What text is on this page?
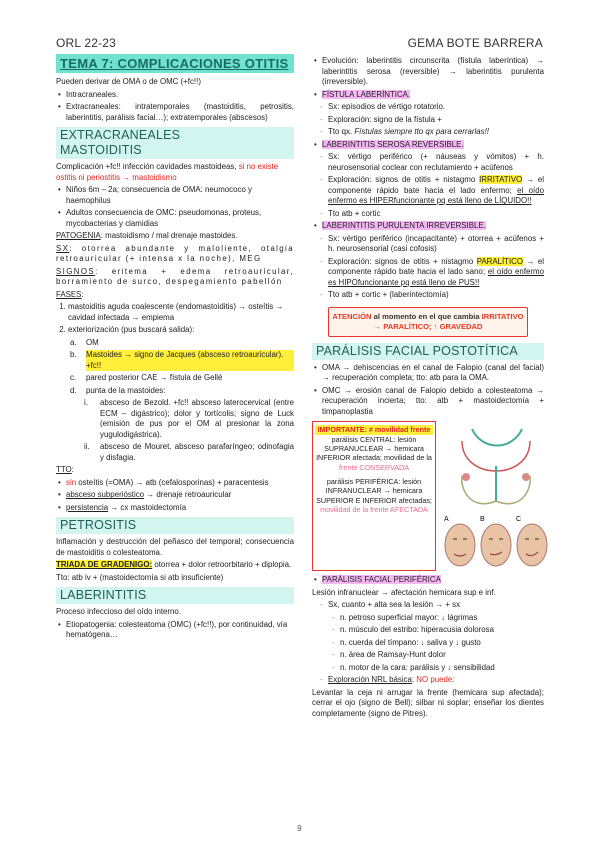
ORL 22-23	GEMA BOTE BARRERA
TEMA 7: COMPLICACIONES OTITIS

Pueden derivar de OMA o de OMC (+fc!!)

• Intracraneales.
• Extracraneales: intratemporales (mastoiditis, petrositis, laberintitis, parálisis facial…); extratemporales (abscesos)
EXTRACRANEALES
MASTOIDITIS

Complicación +fc!! infección cavidades mastoideas, si no existe ostitis ni periostitis → mastoidismo

• Niños 6m – 2a; consecuencia de OMA: neumococo y haemophilus
• Adultos consecuencia de OMC: pseudomonas, proteus, mycobacterias y clamidias

PATOGENIA: mastoidismo / mal drenaje mastoides.

SX: otorrea abundante y maloliente, otalgia retroauricular (+ intensa x la noche), MEG

SIGNOS: eritema + edema retroauricular, borramiento de surco, despegamiento pabellón

FASES:

1. mastoiditis aguda coalescente (endomastoiditis) → osteítis → cavidad infectada → empiema
2. exteriorización (pus buscará salida):
a.	OM
b.	Mastoides → signo de Jacques (absceso retroauricular). +fc!!
c.	pared posterior CAE → fístula de Gellé
d.	punta de la mastoides:
i.	absceso de Bezold. +fc!! absceso laterocervical (entre ECM – digástrico); dolor y tortícolis; signo de Luck (emisión de pus por el OM al presionar la zona yugulodigástrica).
ii.	absceso de Mouret. absceso parafaríngeo; odinofagia y disfagia.

TTO:

• sin osteítis (=OMA) → atb (cefalosporinas) + paracentesis
• absceso subperióstico → drenaje retroauricular
• persistencia → cx mastoidectomía
PETROSITIS

Inflamación y destrucción del peñasco del temporal; consecuencia de mastoiditis o colesteatoma.

TRIADA DE GRADENIGO: otorrea + dolor retroorbitario + diplopia.

Tto: atb iv + (mastoidectomía si atb insuficiente)

LABERINTITIS

Proceso infeccioso del oído interno.

• Etiopatogenia: colesteatoma (OMC) (+fc!!), por continuidad, vía hematógena…
• Evolución: laberintitis circunscrita (fístula laberíntica) → laberintitis serosa (reversible) → laberintitis purulenta (irreversible).
• FÍSTULA LABERÍNTICA.
- Sx: episodios de vértigo rotatorio.
- Exploración: signo de la fístula +
- Tto qx. Fístulas siempre tto qx para cerrarlas!!
• LABERINTITIS SEROSA REVERSIBLE.
- Sx: vértigo periférico (+ náuseas y vómitos) + h. neurosensorial coclear con reclutamiento + acúfenos
- Exploración: signos de otitis + nistagmo IRRITATIVO → el componente rápido bate hacia el lado enfermo; el oído enfermo es HIPERfuncionante pq está lleno de LÍQUIDO!!
- Tto atb + cortic
• LABERINTITIS PURULENTA IRREVERSIBLE.
- Sx: vértigo periférico (incapacitante) + otorrea + acúfenos + h. neurosensorial (casi cofosis)
- Exploración: signos de otitis + nistagmo PARALÍTICO → el componente rápido bate hacia el lado sano; el oído enfermo es HIPOfuncionante pq está lleno de PUS!!
- Tto atb + cortic + (laberintectomía)
ATENCIÓN al momento en el que cambia IRRITATIVO → PARALÍTICO; ↑ GRAVEDAD
PARÁLISIS FACIAL POSTOTÍTICA
• OMA → dehiscencias en el canal de Falopio (canal del facial) → recuperación completa; tto: atb para la OMA.
• OMC → erosión canal de Falopio debido a colesteatoma → recuperación incierta; tto: atb + mastoidectomía + timpanoplastia
IMPORTANTE: ≠ movilidad frente
parálisis CENTRAL: lesión
SUPRANUCLEAR → hemicara
INFERIOR afectada; movilidad de la
frente CONSERVADA
parálisis PERIFÉRICA: lesión
INFRANUCLEAR → hemicara
SUPERIOR E INFERIOR afectadas;
movilidad de la frente AFECTADA
A	B	C
• PARÁLISIS FACIAL PERIFÉRICA

Lesión infranuclear → afectación hemicara sup e inf.

- Sx, cuanto + alta sea la lesión → + sx
- n. petroso superficial mayor: ↓ lágrimas
- n. músculo del estribo: hiperacusia dolorosa
- n. cuerda del tímpano: ↓ saliva y ↓ gusto
- n. área de Ramsay-Hunt dolor
- n. motor de la cara: parálisis y ↓ sensibilidad
- Exploración NRL básica: NO puede:

Levantar la ceja ni arrugar la frente (hemicara sup afectada); cerrar el ojo (signo de Bell); silbar ni soplar; enseñar los dientes completamente (signo de Pitres).

9
